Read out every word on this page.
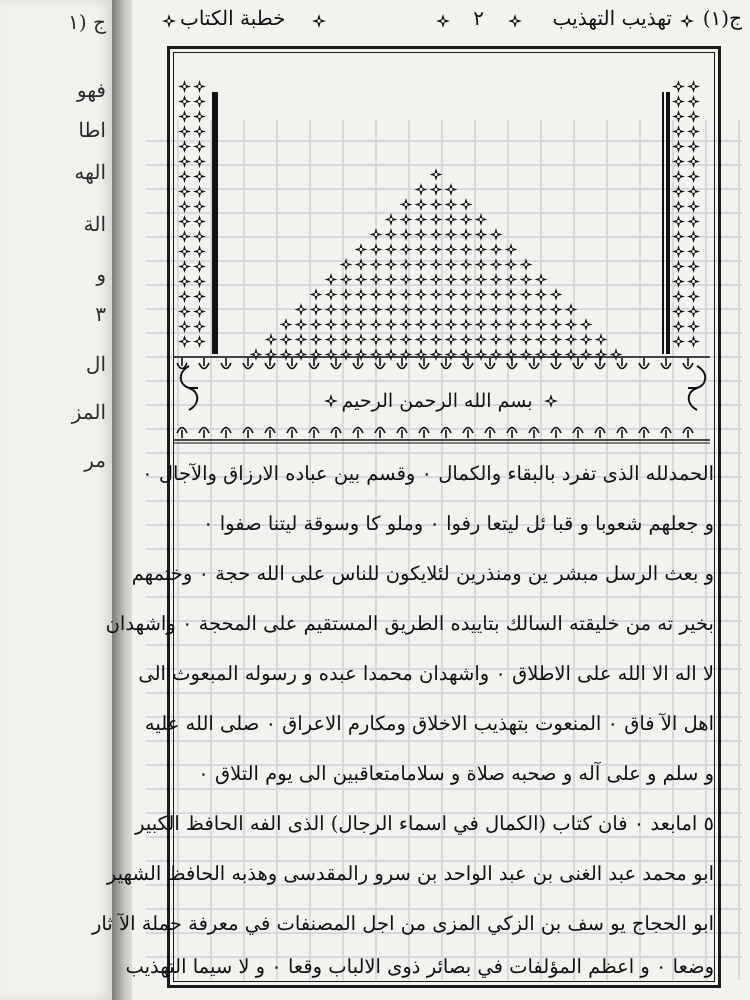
ج (١
فهو
اطا
الهه
الة
و
٣
ال
المز
مر
ج(١)
تهذيب التهذيب
٢
خطبة الكتاب
بسم الله الرحمن الرحيم
الحمدلله الذى تفرد بالبقاء والكمال ٠ وقسم بين عباده الارزاق والآجال ٠
و جعلهم شعوبا و قبا ئل ليتعا رفوا ٠ وملو كا وسوقة ليتنا صفوا ٠
و بعث الرسل مبشر ين ومنذرين لئلايكون للناس على الله حجة ٠ وختمهم
بخير ته من خليقته السالك بتاييده الطريق المستقيم على المحجة ٠ واشهدان
لا اله الا الله على الاطلاق ٠ واشهدان محمدا عبده و رسوله المبعوث الى
اهل الآ فاق ٠ المنعوت بتهذيب الاخلاق ومكارم الاعراق ٠ صلى الله عليه
و سلم و على آله و صحبه صلاة و سلامامتعاقبين الى يوم التلاق ٠
٥ امابعد ٠ فان كتاب (الكمال في اسماء الرجال) الذى الفه الحافظ الكبير
ابو محمد عبد الغنى بن عبد الواحد بن سرو رالمقدسى وهذبه الحافظ الشهير
ابو الحجاج يو سف بن الزكي المزى من اجل المصنفات في معرفة حملة الآ ثار
وضعا ٠ و اعظم المؤلفات في بصائر ذوى الالباب وقعا ٠ و لا سيما التهذيب
